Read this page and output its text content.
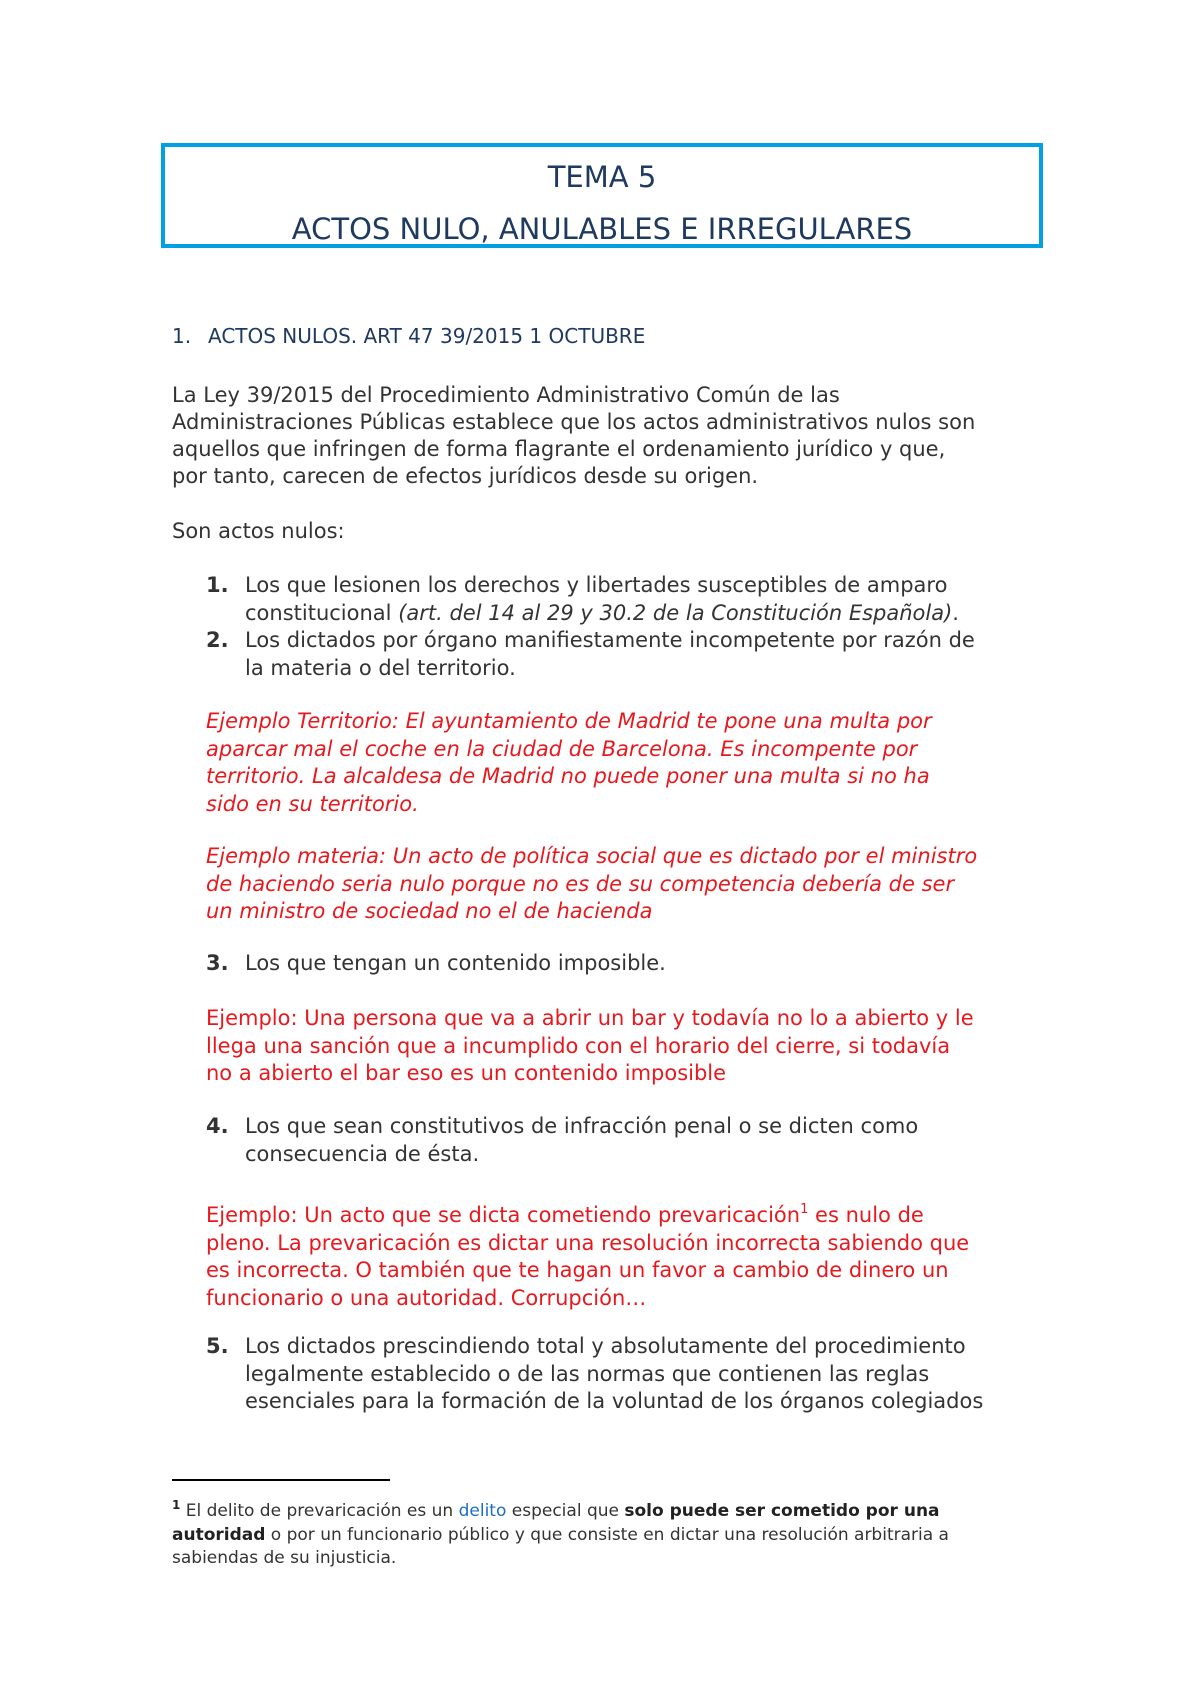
TEMA 5
ACTOS NULO, ANULABLES E IRREGULARES
1. ACTOS NULOS. ART 47 39/2015 1 OCTUBRE
La Ley 39/2015 del Procedimiento Administrativo Común de las
Administraciones Públicas establece que los actos administrativos nulos son
aquellos que infringen de forma flagrante el ordenamiento jurídico y que,
por tanto, carecen de efectos jurídicos desde su origen.
Son actos nulos:
1. Los que lesionen los derechos y libertades susceptibles de amparo
constitucional (art. del 14 al 29 y 30.2 de la Constitución Española).
2. Los dictados por órgano manifiestamente incompetente por razón de
la materia o del territorio.
Ejemplo Territorio: El ayuntamiento de Madrid te pone una multa por
aparcar mal el coche en la ciudad de Barcelona. Es incompente por
territorio. La alcaldesa de Madrid no puede poner una multa si no ha
sido en su territorio.
Ejemplo materia: Un acto de política social que es dictado por el ministro
de haciendo seria nulo porque no es de su competencia debería de ser
un ministro de sociedad no el de hacienda
3. Los que tengan un contenido imposible.
Ejemplo: Una persona que va a abrir un bar y todavía no lo a abierto y le
llega una sanción que a incumplido con el horario del cierre, si todavía
no a abierto el bar eso es un contenido imposible
4. Los que sean constitutivos de infracción penal o se dicten como
consecuencia de ésta.
Ejemplo: Un acto que se dicta cometiendo prevaricación$^1$ es nulo de
pleno. La prevaricación es dictar una resolución incorrecta sabiendo que
es incorrecta. O también que te hagan un favor a cambio de dinero un
funcionario o una autoridad. Corrupción…
5. Los dictados prescindiendo total y absolutamente del procedimiento
legalmente establecido o de las normas que contienen las reglas
esenciales para la formación de la voluntad de los órganos colegiados
$^1$ El delito de prevaricación es un delito especial que solo puede ser cometido por una
autoridad o por un funcionario público y que consiste en dictar una resolución arbitraria a
sabiendas de su injusticia.
